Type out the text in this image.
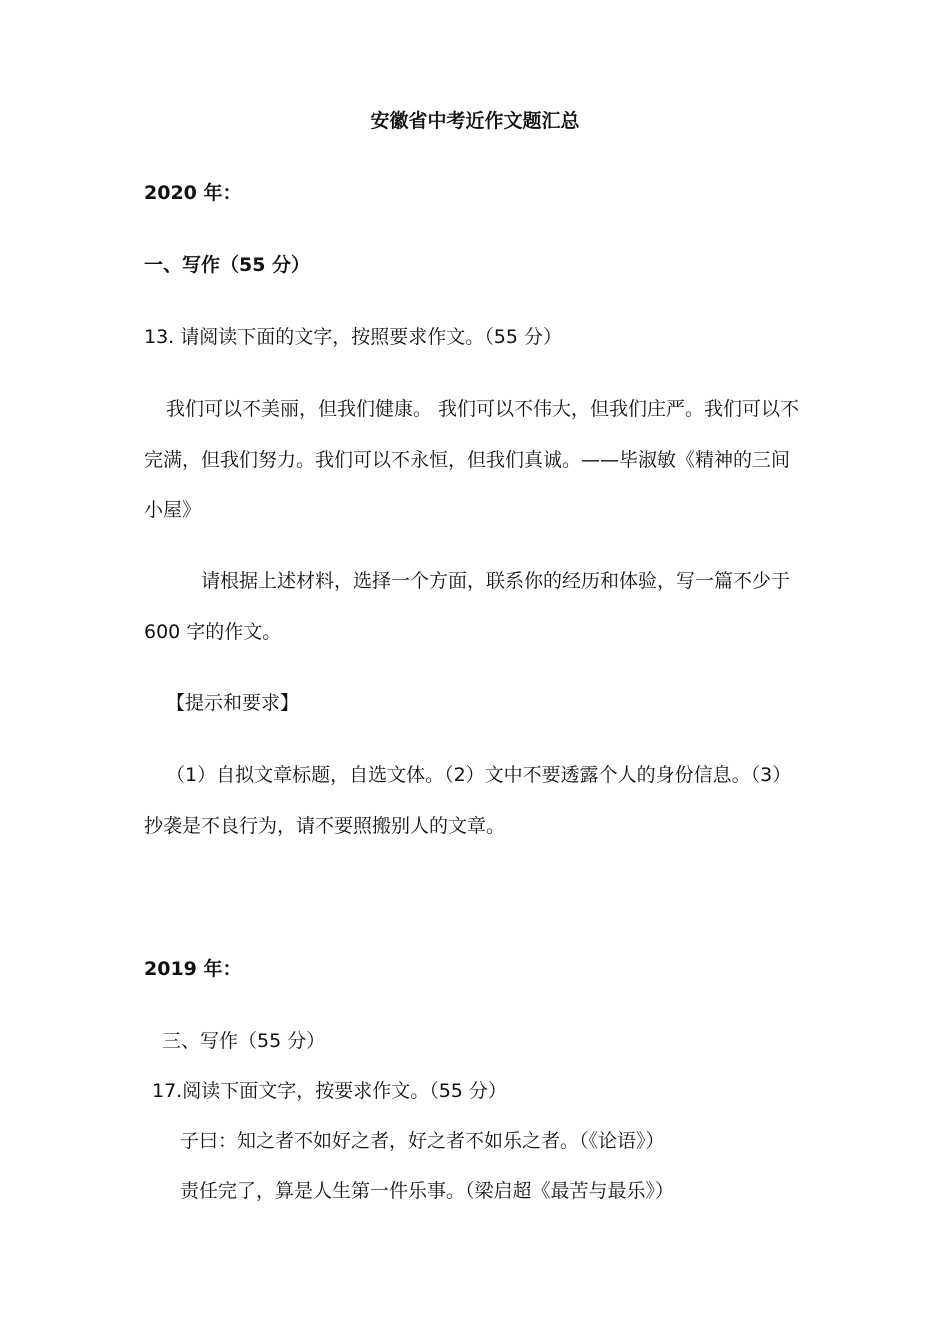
安徽省中考近作文题汇总
2020 年：
一、写作（55 分）
13. 请阅读下面的文字，按照要求作文。（55 分）
我们可以不美丽，但我们健康。 我们可以不伟大，但我们庄严。我们可以不
完满，但我们努力。我们可以不永恒，但我们真诚。——毕淑敏《精神的三间
小屋》
请根据上述材料，选择一个方面，联系你的经历和体验，写一篇不少于
600 字的作文。
【提示和要求】
（1）自拟文章标题，自选文体。（2）文中不要透露个人的身份信息。（3）
抄袭是不良行为，请不要照搬别人的文章。
2019 年：
三、写作（55 分）
17.阅读下面文字，按要求作文。（55 分）
子曰：知之者不如好之者，好之者不如乐之者。（《论语》）
责任完了，算是人生第一件乐事。（梁启超《最苦与最乐》）
